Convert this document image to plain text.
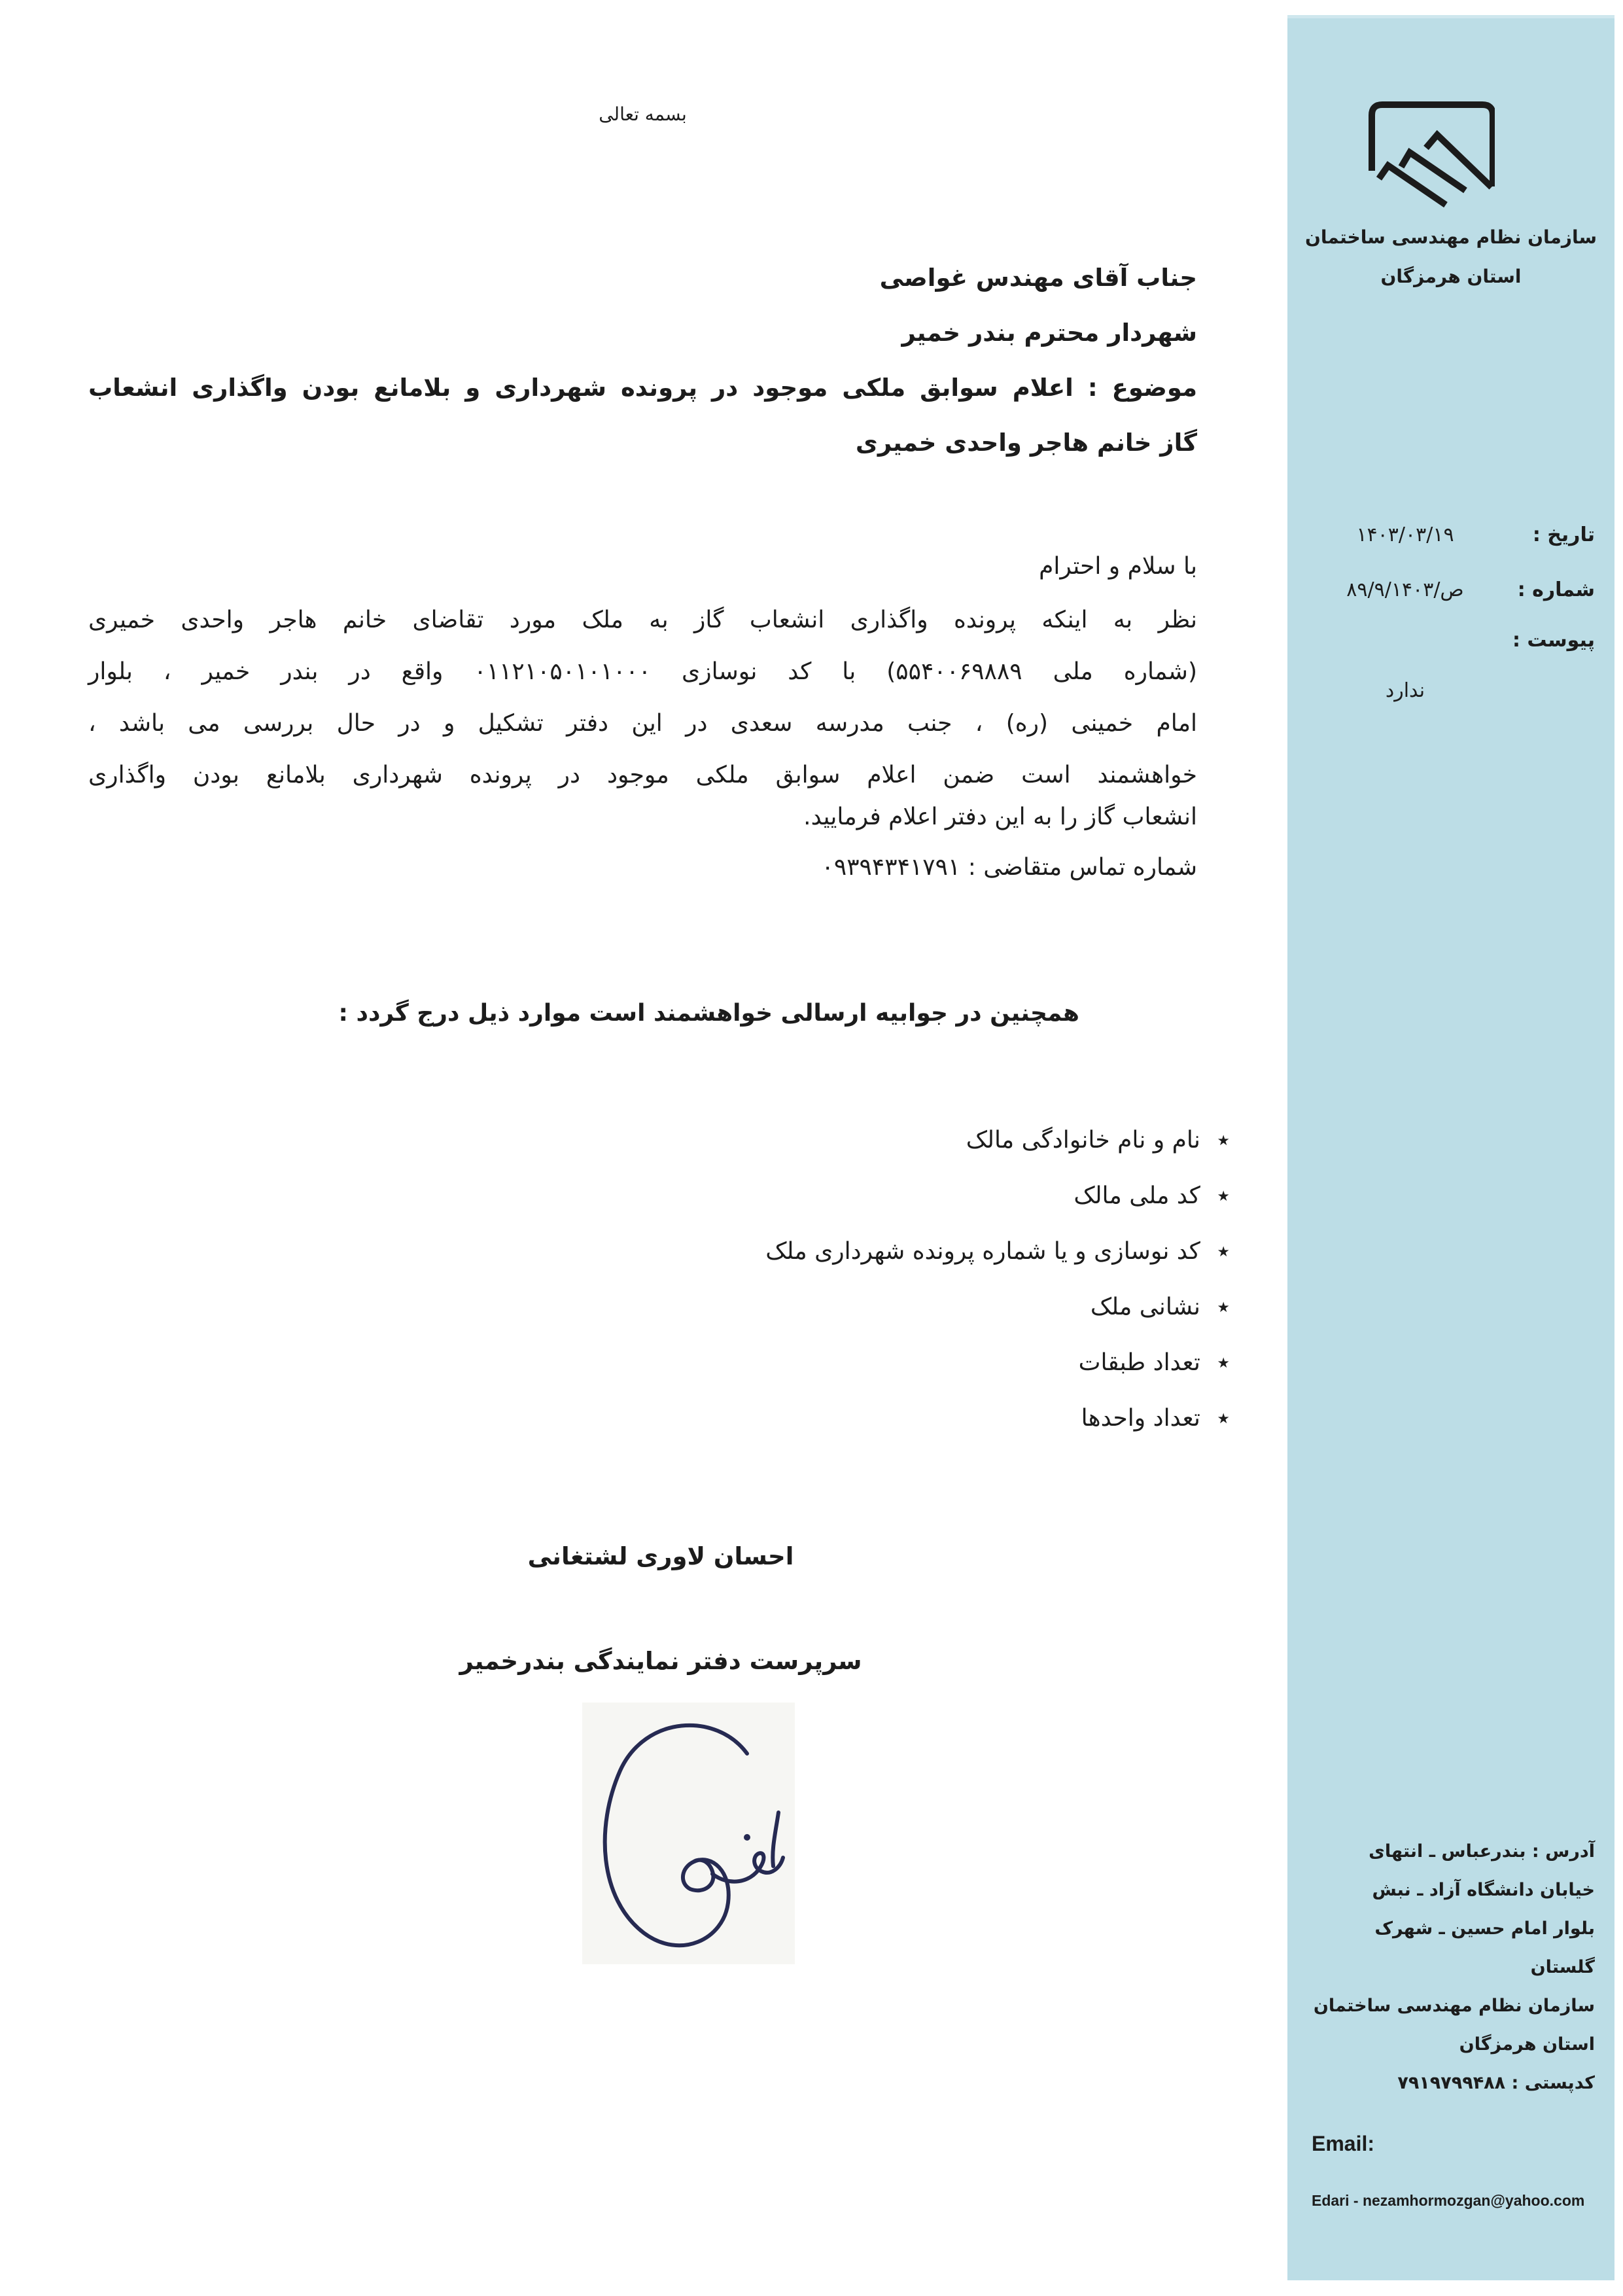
بسمه تعالی
جناب آقای مهندس غواصی
شهردار محترم بندر خمیر
موضوع : اعلام سوابق ملکی موجود در پرونده شهرداری و بلامانع بودن واگذاری انشعاب
گاز خانم هاجر واحدی خمیری
با سلام و احترام
نظر به اینکه پرونده واگذاری انشعاب گاز به ملک مورد تقاضای خانم هاجر واحدی خمیری
(شماره ملی ۵۵۴۰۰۶۹۸۸۹) با کد نوسازی ۰۱۱۲۱۰۵۰۱۰۱۰۰۰ واقع در بندر خمیر ، بلوار
امام خمینی (ره) ، جنب مدرسه سعدی در این دفتر تشکیل و در حال بررسی می باشد ،
خواهشمند است ضمن اعلام سوابق ملکی موجود در پرونده شهرداری بلامانع بودن واگذاری
انشعاب گاز را به این دفتر اعلام فرمایید.
شماره تماس متقاضی : ۰۹۳۹۴۳۴۱۷۹۱
همچنین در جوابیه ارسالی خواهشمند است موارد ذیل درج گردد :
٭ نام و نام خانوادگی مالک
٭ کد ملی مالک
٭ کد نوسازی و یا شماره پرونده شهرداری ملک
٭ نشانی ملک
٭ تعداد طبقات
٭ تعداد واحدها
احسان لاوری لشتغانی
سرپرست دفتر نمایندگی بندرخمیر
سازمان نظام مهندسی ساختمان
استان هرمزگان
تاریخ :
۱۴۰۳/۰۳/۱۹
شماره :
ص/۸۹/۹/۱۴۰۳
پیوست :
ندارد
آدرس : بندرعباس ـ انتهای
خیابان دانشگاه آزاد ـ نبش
بلوار امام حسین ـ شهرک
گلستان
سازمان نظام مهندسی ساختمان
استان هرمزگان
کدپستی : ۷۹۱۹۷۹۹۴۸۸
Email:
Edari - nezamhormozgan@yahoo.com
